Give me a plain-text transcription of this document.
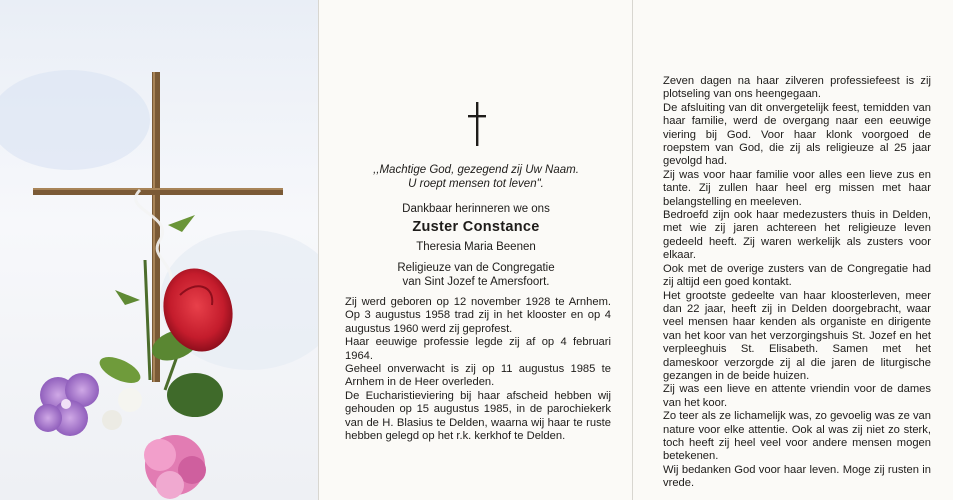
,,Machtige God, gezegend zij Uw Naam.
U roept mensen tot leven".
Dankbaar herinneren we ons
Zuster Constance
Theresia Maria Beenen
Religieuze van de Congregatie
van Sint Jozef te Amersfoort.

Zij werd geboren op 12 november 1928 te Arnhem. Op 3 augustus 1958 trad zij in het klooster en op 4 augustus 1960 werd zij geprofest.

Haar eeuwige professie legde zij af op 4 februari 1964.

Geheel onverwacht is zij op 11 augustus 1985 te Arnhem in de Heer overleden.

De Eucharistieviering bij haar afscheid hebben wij gehouden op 15 augustus 1985, in de parochiekerk van de H. Blasius te Delden, waarna wij haar te ruste hebben gelegd op het r.k. kerkhof te Delden.

Zeven dagen na haar zilveren professiefeest is zij plotseling van ons heengegaan.

De afsluiting van dit onvergetelijk feest, temidden van haar familie, werd de overgang naar een eeuwige viering bij God. Voor haar klonk voorgoed de roepstem van God, die zij als religieuze al 25 jaar gevolgd had.

Zij was voor haar familie voor alles een lieve zus en tante. Zij zullen haar heel erg missen met haar belangstelling en meeleven.

Bedroefd zijn ook haar medezusters thuis in Delden, met wie zij jaren achtereen het religieuze leven gedeeld heeft. Zij waren werkelijk als zusters voor elkaar.

Ook met de overige zusters van de Congregatie had zij altijd een goed kontakt.

Het grootste gedeelte van haar kloosterleven, meer dan 22 jaar, heeft zij in Delden doorgebracht, waar veel mensen haar kenden als organiste en dirigente van het koor van het verzorgingshuis St. Jozef en het verpleeghuis St. Elisabeth. Samen met het dameskoor verzorgde zij al die jaren de liturgische gezangen in de beide huizen.

Zij was een lieve en attente vriendin voor de dames van het koor.

Zo teer als ze lichamelijk was, zo gevoelig was ze van nature voor elke attentie. Ook al was zij niet zo sterk, toch heeft zij heel veel voor andere mensen mogen betekenen.

Wij bedanken God voor haar leven. Moge zij rusten in vrede.
